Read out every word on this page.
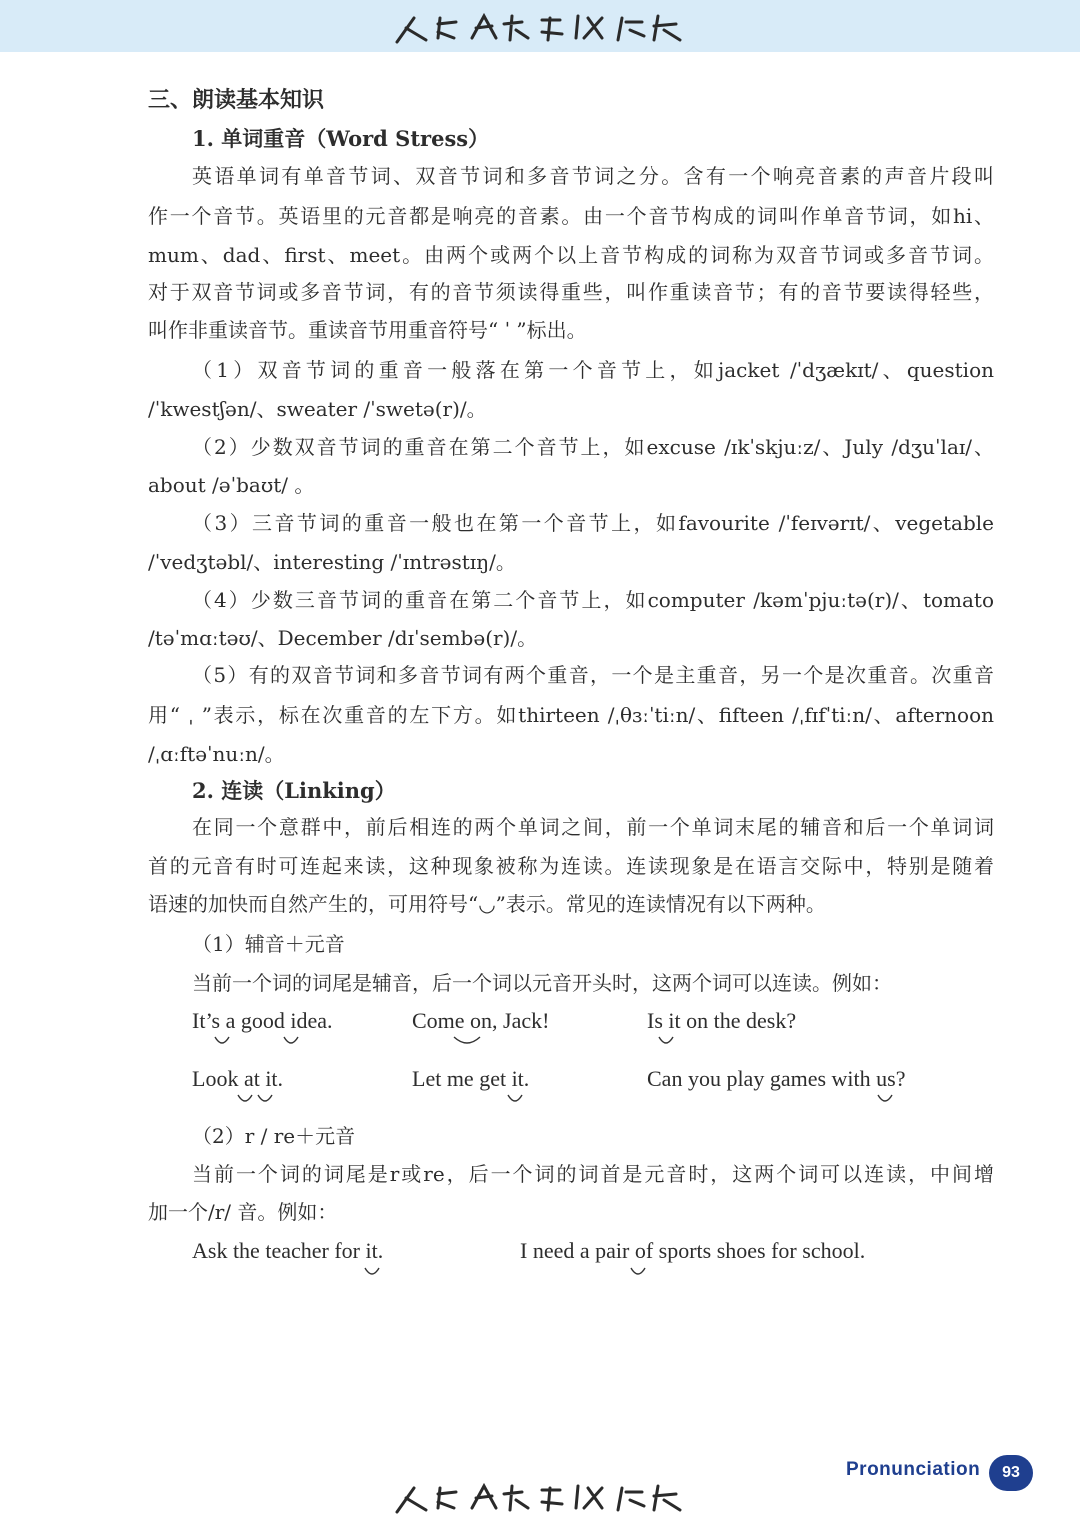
三、朗读基本知识
1. 单词重音（Word Stress）
英语单词有单音节词、双音节词和多音节词之分。含有一个响亮音素的声音片段叫
作一个音节。英语里的元音都是响亮的音素。由一个音节构成的词叫作单音节词，如hi、
mum、dad、first、meet。由两个或两个以上音节构成的词称为双音节词或多音节词。
对于双音节词或多音节词，有的音节须读得重些，叫作重读音节；有的音节要读得轻些，
叫作非重读音节。重读音节用重音符号“ ˈ ”标出。
（1）双音节词的重音一般落在第一个音节上，如jacket /ˈdʒækɪt/、question
/ˈkwestʃən/、sweater /ˈswetə(r)/。
（2）少数双音节词的重音在第二个音节上，如excuse /ɪkˈskjuːz/、July /dʒuˈlaɪ/、
about /əˈbaʊt/ 。
（3）三音节词的重音一般也在第一个音节上，如favourite /ˈfeɪvərɪt/、vegetable
/ˈvedʒtəbl/、interesting /ˈɪntrəstɪŋ/。
（4）少数三音节词的重音在第二个音节上，如computer /kəmˈpjuːtə(r)/、tomato
/təˈmɑːtəʊ/、December /dɪˈsembə(r)/。
（5）有的双音节词和多音节词有两个重音，一个是主重音，另一个是次重音。次重音
用“ ˌ ”表示，标在次重音的左下方。如thirteen /ˌθɜːˈtiːn/、fifteen /ˌfɪfˈtiːn/、afternoon
/ˌɑːftəˈnuːn/。
2. 连读（Linking）
在同一个意群中，前后相连的两个单词之间，前一个单词末尾的辅音和后一个单词词
首的元音有时可连起来读，这种现象被称为连读。连读现象是在语言交际中，特别是随着
语速的加快而自然产生的，可用符号“◡”表示。常见的连读情况有以下两种。
（1）辅音＋元音
当前一个词的词尾是辅音，后一个词以元音开头时，这两个词可以连读。例如：
（2）r / re＋元音
当前一个词的词尾是r或re，后一个词的词首是元音时，这两个词可以连读，中间增
加一个/r/ 音。例如：
It’s a good idea.	Come on, Jack!	Is it on the desk?
Look at it.	Let me get it.	Can you play games with us?
Ask the teacher for it.	I need a pair of sports shoes for school.
Pronunciation	93
